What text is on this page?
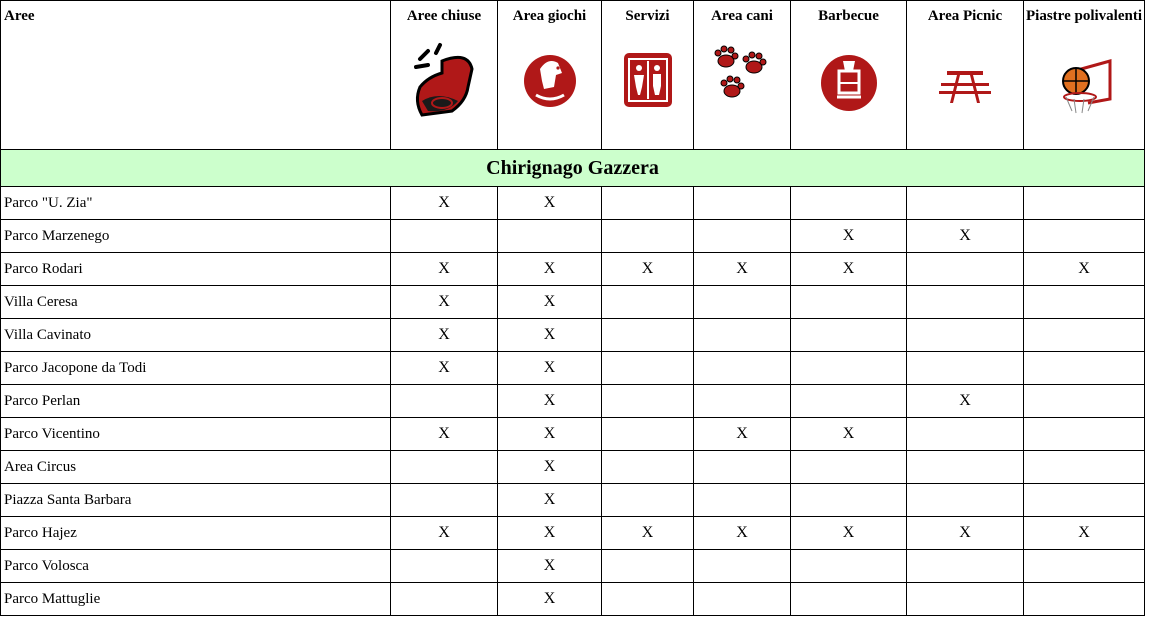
Aree	Aree chiuse	Area giochi	Servizi	Area cani	Barbecue	Area Picnic	Piastre polivalenti

Chirignago Gazzera							
Parco "U. Zia"	X	X					
Parco Marzenego					X	X	
Parco Rodari	X	X	X	X	X		X
Villa Ceresa	X	X					
Villa Cavinato	X	X					
Parco Jacopone da Todi	X	X					
Parco Perlan		X				X	
Parco Vicentino	X	X		X	X		
Area Circus		X					
Piazza Santa Barbara		X					
Parco Hajez	X	X	X	X	X	X	X
Parco Volosca		X					
Parco Mattuglie		X					
